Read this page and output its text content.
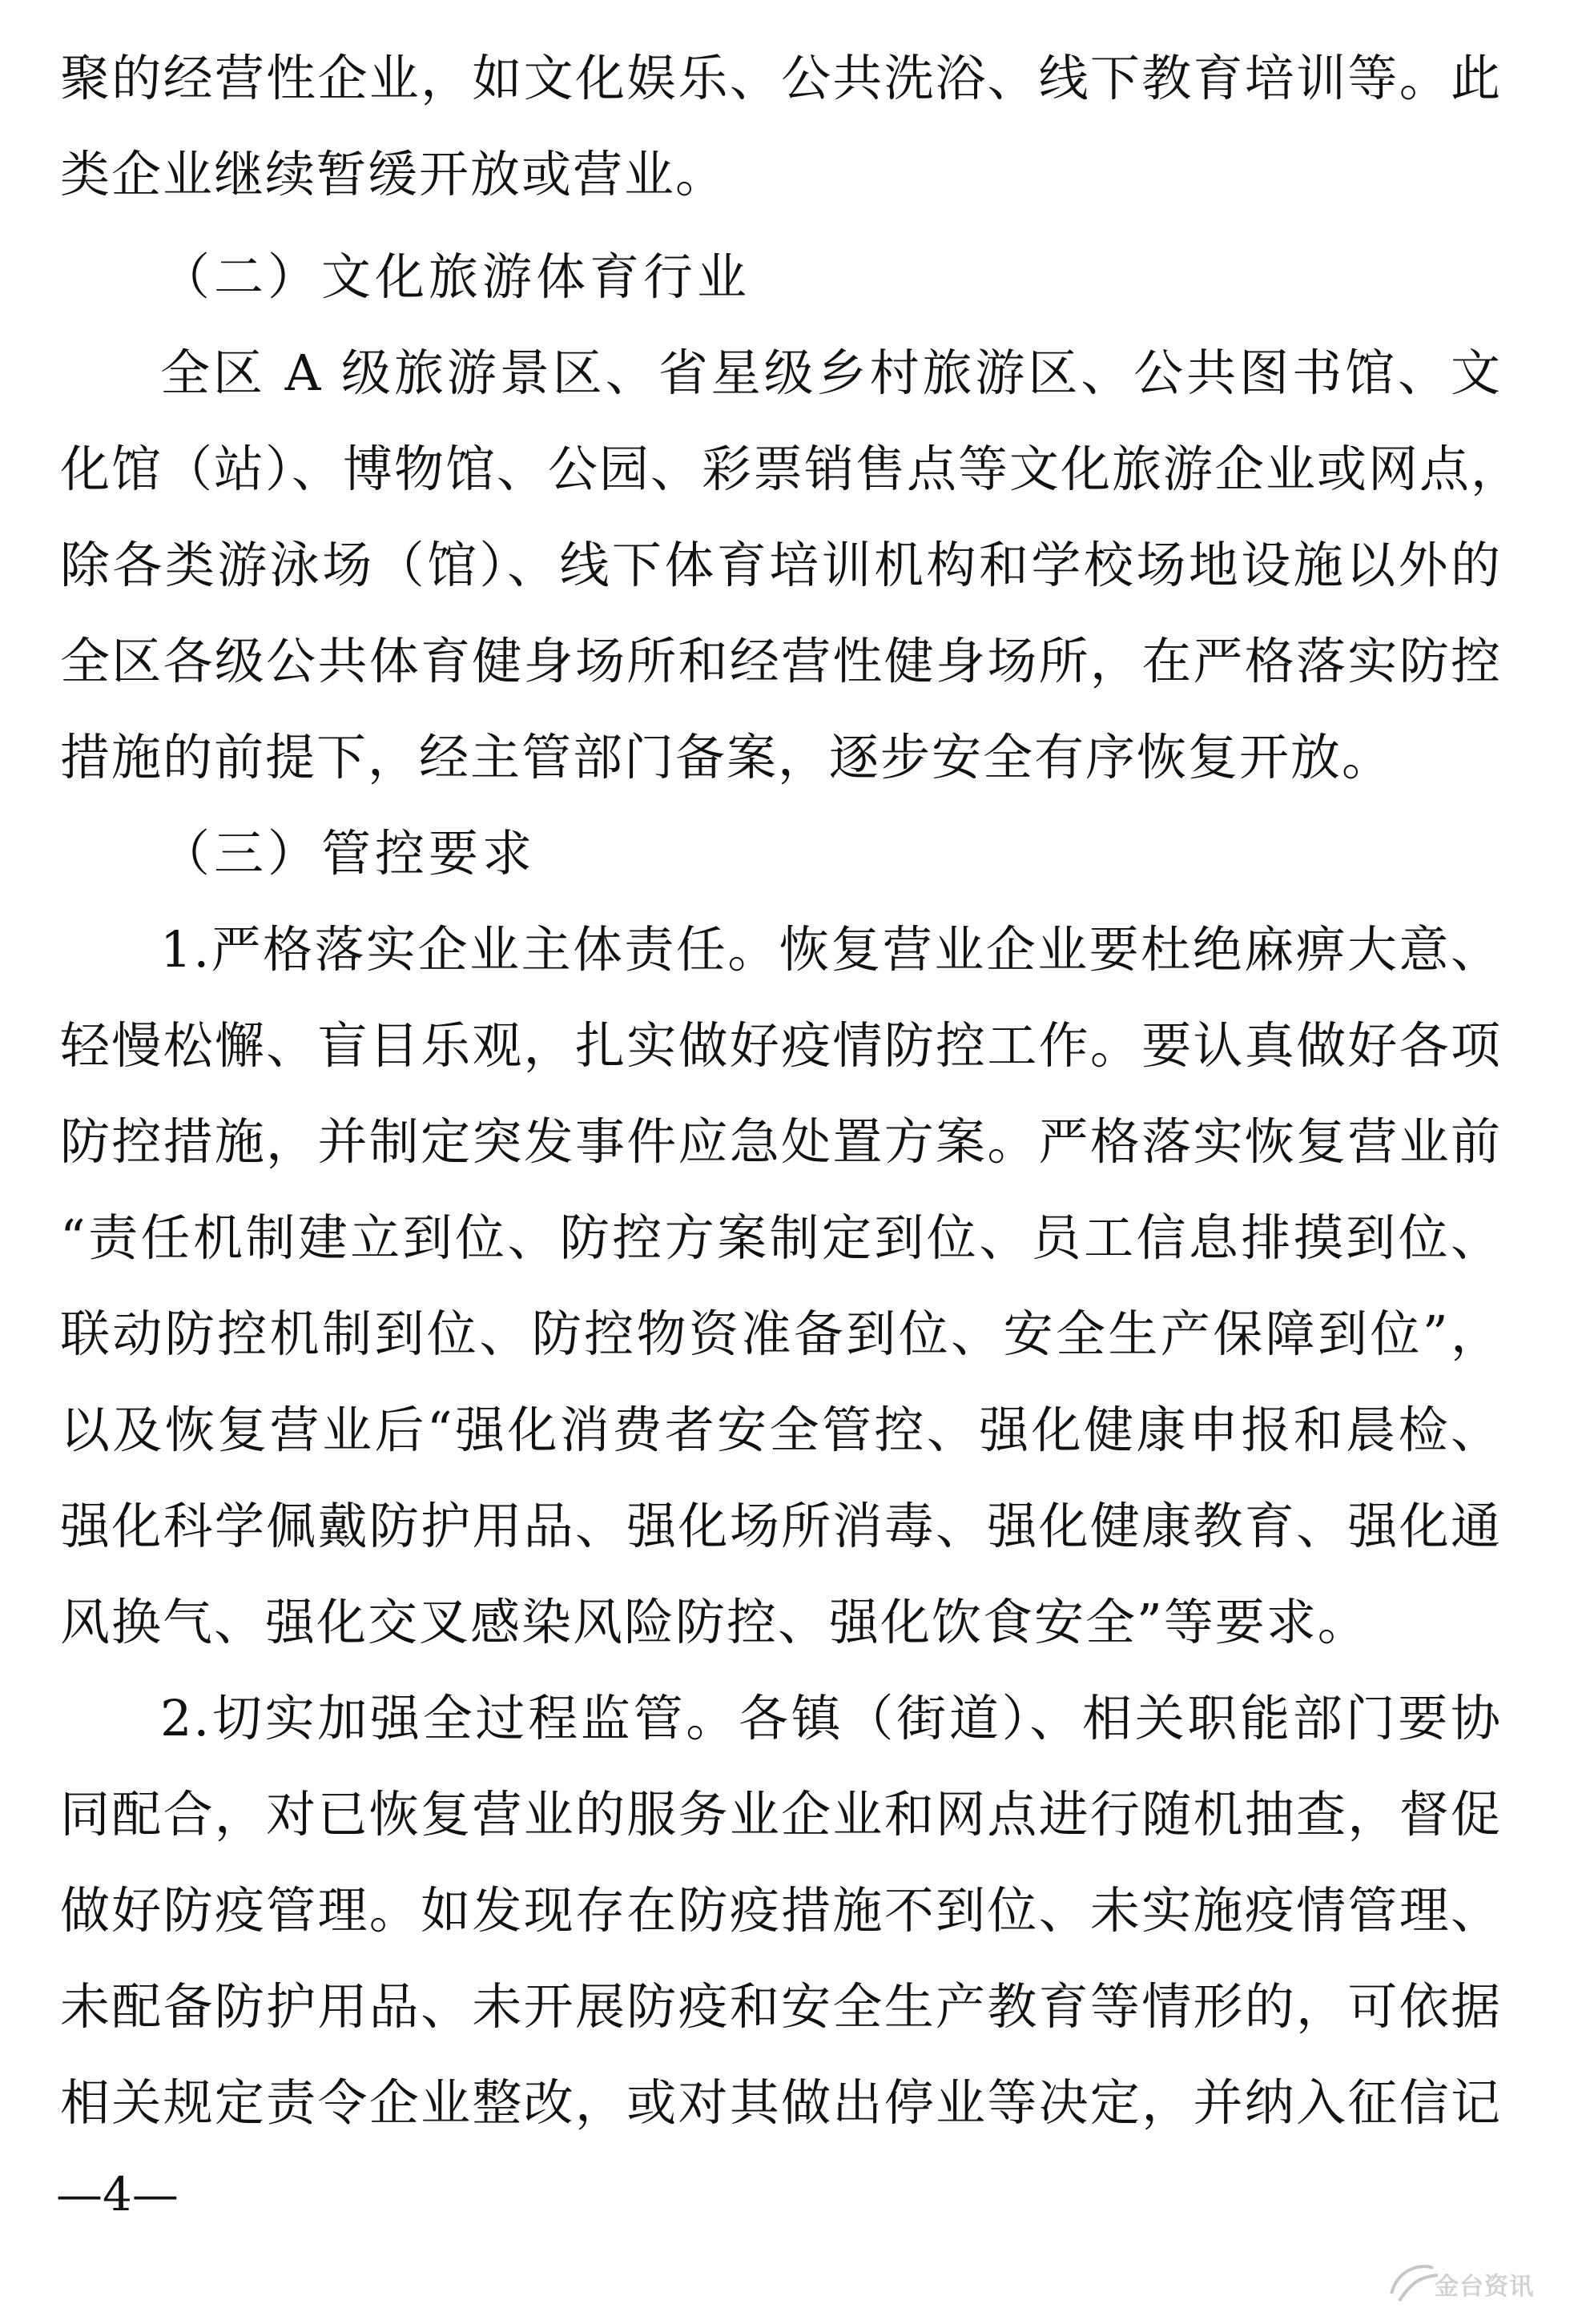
聚的经营性企业，如文化娱乐、公共洗浴、线下教育培训等。此
类企业继续暂缓开放或营业。
（二）文化旅游体育行业
全区 A 级旅游景区、省星级乡村旅游区、公共图书馆、文
化馆（站）、博物馆、公园、彩票销售点等文化旅游企业或网点，
除各类游泳场（馆）、线下体育培训机构和学校场地设施以外的
全区各级公共体育健身场所和经营性健身场所，在严格落实防控
措施的前提下，经主管部门备案，逐步安全有序恢复开放。
（三）管控要求
1.严格落实企业主体责任。恢复营业企业要杜绝麻痹大意、
轻慢松懈、盲目乐观，扎实做好疫情防控工作。要认真做好各项
防控措施，并制定突发事件应急处置方案。严格落实恢复营业前
“责任机制建立到位、防控方案制定到位、员工信息排摸到位、
联动防控机制到位、防控物资准备到位、安全生产保障到位”，
以及恢复营业后“强化消费者安全管控、强化健康申报和晨检、
强化科学佩戴防护用品、强化场所消毒、强化健康教育、强化通
风换气、强化交叉感染风险防控、强化饮食安全”等要求。
2.切实加强全过程监管。各镇（街道）、相关职能部门要协
同配合，对已恢复营业的服务业企业和网点进行随机抽查，督促
做好防疫管理。如发现存在防疫措施不到位、未实施疫情管理、
未配备防护用品、未开展防疫和安全生产教育等情形的，可依据
相关规定责令企业整改，或对其做出停业等决定，并纳入征信记
—4—
金台资讯
